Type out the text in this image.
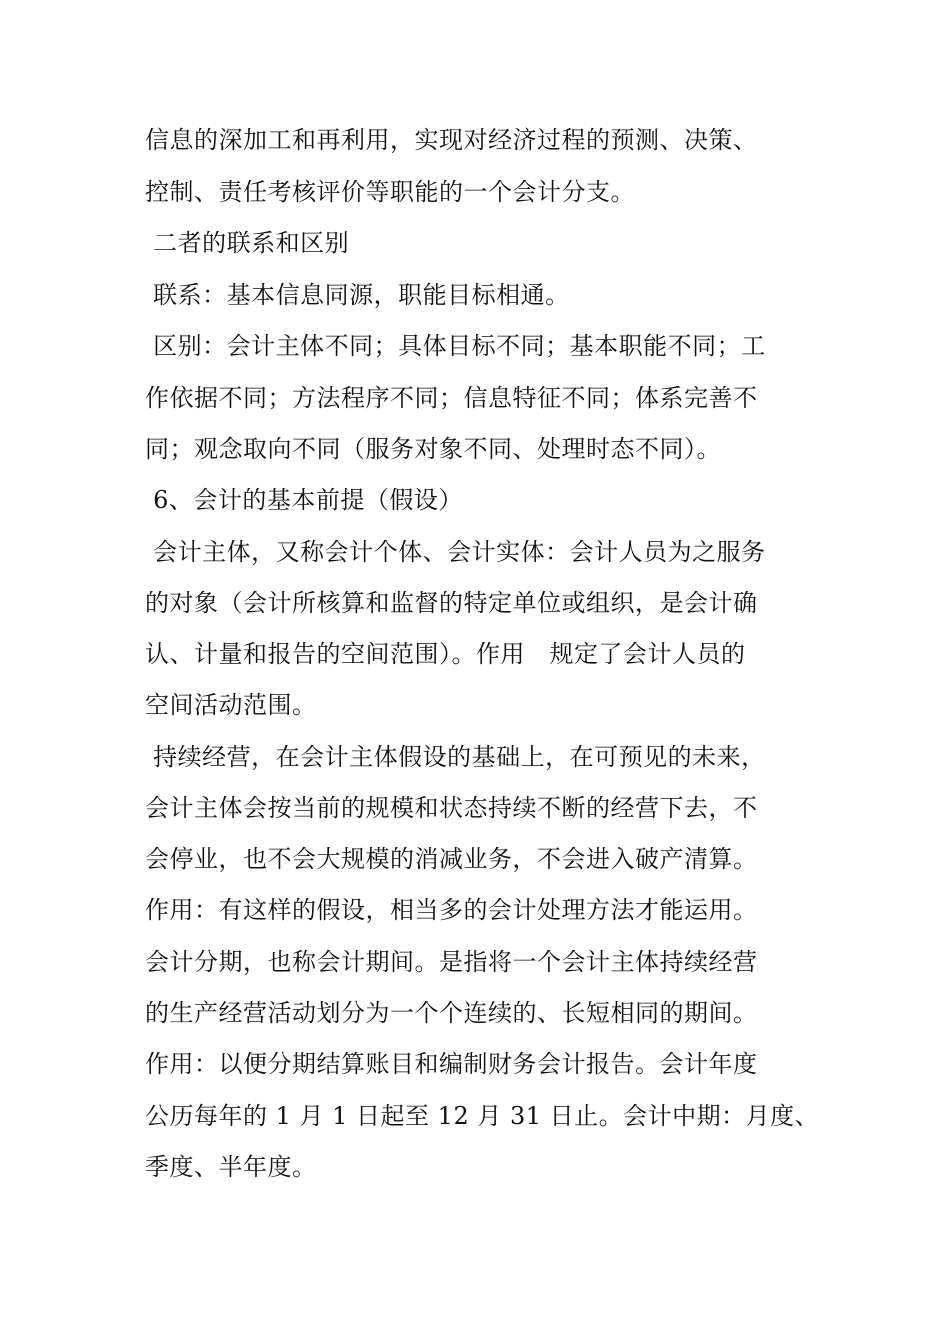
信息的深加工和再利用，实现对经济过程的预测、决策、
控制、责任考核评价等职能的一个会计分支。
二者的联系和区别
联系：基本信息同源，职能目标相通。
区别：会计主体不同；具体目标不同；基本职能不同；工
作依据不同；方法程序不同；信息特征不同；体系完善不
同；观念取向不同（服务对象不同、处理时态不同）。
6、会计的基本前提（假设）
会计主体，又称会计个体、会计实体：会计人员为之服务
的对象（会计所核算和监督的特定单位或组织，是会计确
认、计量和报告的空间范围）。作用　规定了会计人员的
空间活动范围。
持续经营，在会计主体假设的基础上，在可预见的未来，
会计主体会按当前的规模和状态持续不断的经营下去，不
会停业，也不会大规模的消减业务，不会进入破产清算。
作用：有这样的假设，相当多的会计处理方法才能运用。
会计分期，也称会计期间。是指将一个会计主体持续经营
的生产经营活动划分为一个个连续的、长短相同的期间。
作用：以便分期结算账目和编制财务会计报告。会计年度
公历每年的 1 月 1 日起至 12 月 31 日止。会计中期：月度、
季度、半年度。
